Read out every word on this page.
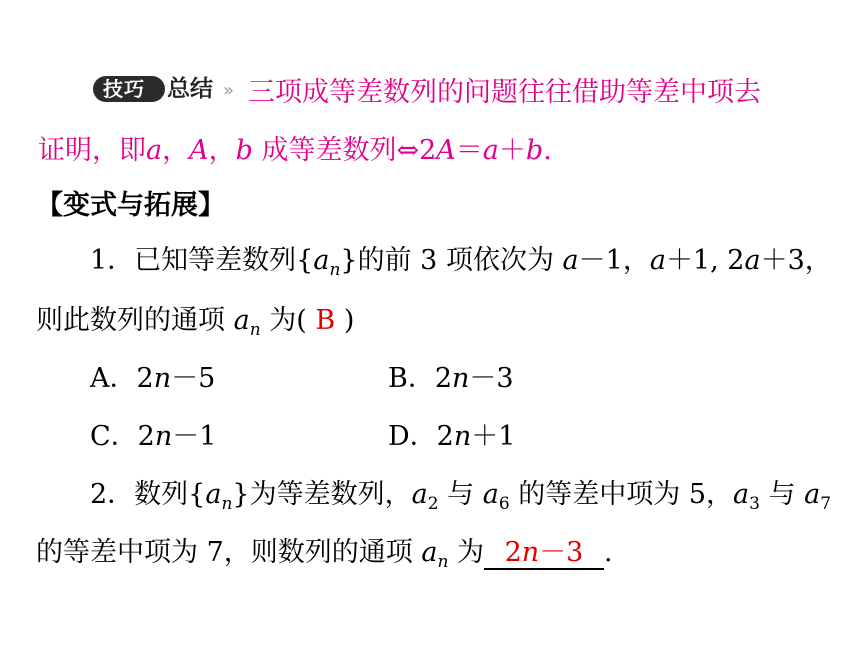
技巧 总结 » 三项成等差数列的问题往往借助等差中项去
证明，即a，A，b 成等差数列⇔2A＝a＋b.
【变式与拓展】
1．已知等差数列$\{a_n\}$的前 3 项依次为 a－1，a＋1, 2a＋3，
则此数列的通项 $a_n$ 为( B )
A．2n－5	B．2n－3
C．2n－1	D．2n＋1
2．数列$\{a_n\}$为等差数列，$a_2$ 与 $a_6$ 的等差中项为 5，$a_3$ 与 $a_7$
的等差中项为 7，则数列的通项 $a_n$ 为 2n－3 .
